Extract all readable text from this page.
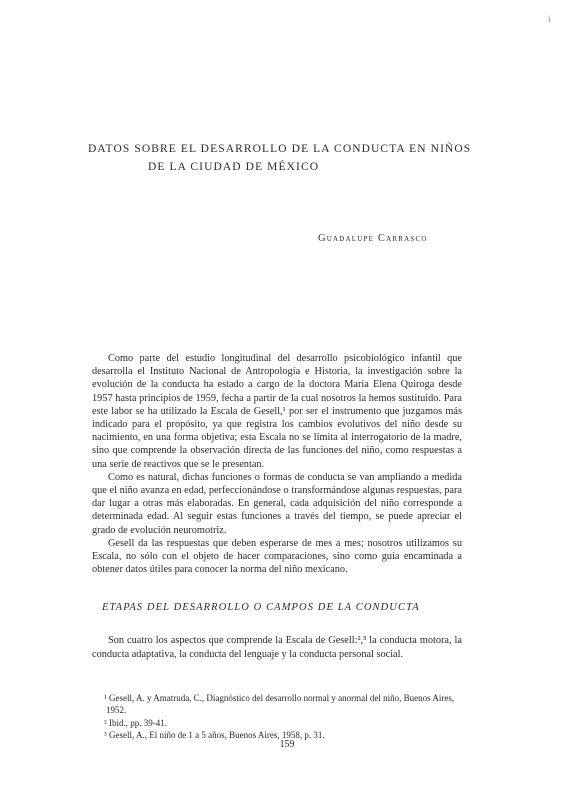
i
DATOS SOBRE EL DESARROLLO DE LA CONDUCTA EN NIÑOS
DE LA CIUDAD DE MÉXICO
Guadalupe Carrasco

Como parte del estudio longitudinal del desarrollo psicobiológico infantil que desarrolla el Instituto Nacional de Antropología e Historia, la investigación sobre la evolución de la conducta ha estado a cargo de la doctora María Elena Quiroga desde 1957 hasta principios de 1959, fecha a partir de la cual nosotros la hemos sustituido. Para este labor se ha utilizado la Escala de Gesell,¹ por ser el instrumento que juzgamos más indicado para el propósito, ya que registra los cambios evolutivos del niño desde su nacimiento, en una forma objetiva; esta Escala no se limita al interrogatorio de la madre, sino que comprende la observación directa de las funciones del niño, como respuestas a una serie de reactivos que se le presentan.

Como es natural, dichas funciones o formas de conducta se van ampliando a medida que el niño avanza en edad, perfeccionándose o transformándose algunas respuestas, para dar lugar a otras más elaboradas. En general, cada adquisición del niño corresponde a determinada edad. Al seguir estas funciones a través del tiempo, se puede apreciar el grado de evolución neuromotriz.

Gesell da las respuestas que deben esperarse de mes a mes; nosotros utilizamos su Escala, no sólo con el objeto de hacer comparaciones, sino como guía encaminada a obtener datos útiles para conocer la norma del niño mexicano.

ETAPAS DEL DESARROLLO O CAMPOS DE LA CONDUCTA

Son cuatro los aspectos que comprende la Escala de Gesell:²,³ la conducta motora, la conducta adaptativa, la conducta del lenguaje y la conducta personal social.

¹ Gesell, A. y Amatruda, C., Diagnóstico del desarrollo normal y anormal del niño, Buenos Aires, 1952.

² Ibid., pp. 39-41.

³ Gesell, A., El niño de 1 a 5 años, Buenos Aires, 1958, p. 31.

159
